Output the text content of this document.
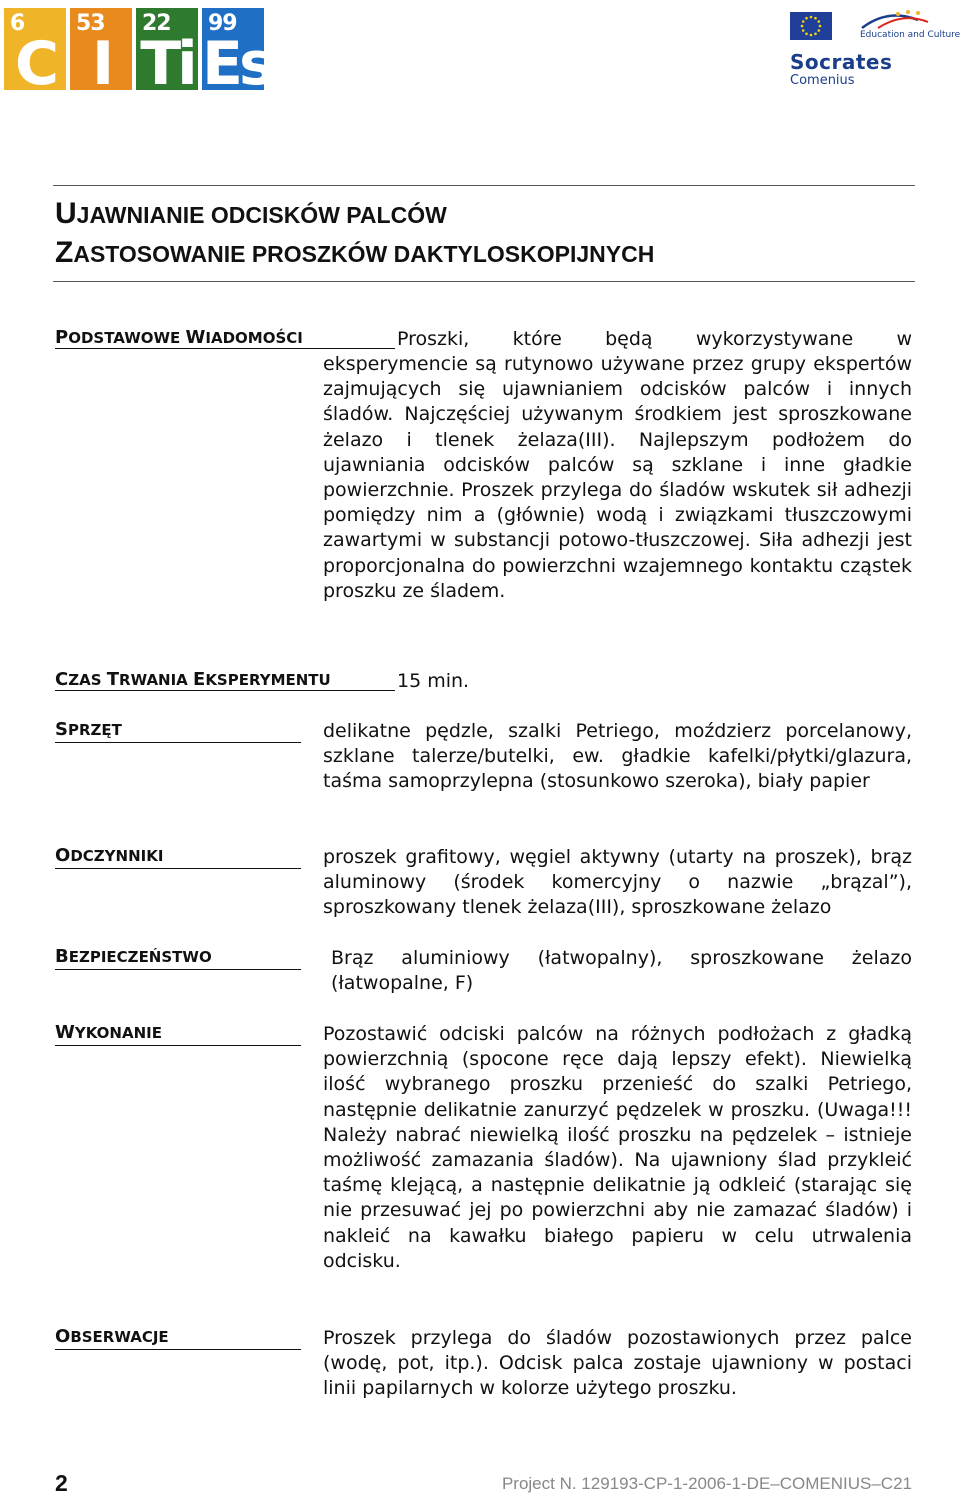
6
C
53
I
22
Ti
99
Es	Education and Culture
Socrates
Comenius
UJAWNIANIE ODCISKÓW PALCÓW
ZASTOSOWANIE PROSZKÓW DAKTYLOSKOPIJNYCH
PODSTAWOWE WIADOMOŚCI	Proszki, które będą wykorzystywane w
eksperymencie są rutynowo używane przez grupy ekspertów zajmujących się ujawnianiem odcisków palców i innych śladów. Najczęściej używanym środkiem jest sproszkowane żelazo i tlenek żelaza(III). Najlepszym podłożem do ujawniania odcisków palców są szklane i inne gładkie powierzchnie. Proszek przylega do śladów wskutek sił adhezji pomiędzy nim a (głównie) wodą i związkami tłuszczowymi zawartymi w substancji potowo-tłuszczowej. Siła adhezji jest proporcjonalna do powierzchni wzajemnego kontaktu cząstek proszku ze śladem.
CZAS TRWANIA EKSPERYMENTU	15 min.
SPRZĘT	delikatne pędzle, szalki Petriego, moździerz porcelanowy, szklane talerze/butelki, ew. gładkie kafelki/płytki/glazura, taśma samoprzylepna (stosunkowo szeroka), biały papier
ODCZYNNIKI	proszek grafitowy, węgiel aktywny (utarty na proszek), brąz aluminowy (środek komercyjny o nazwie „brązal”), sproszkowany tlenek żelaza(III), sproszkowane żelazo
BEZPIECZEŃSTWO	Brąz aluminiowy (łatwopalny), sproszkowane żelazo (łatwopalne, F)
WYKONANIE	Pozostawić odciski palców na różnych podłożach z gładką powierzchnią (spocone ręce dają lepszy efekt). Niewielką ilość wybranego proszku przenieść do szalki Petriego, następnie delikatnie zanurzyć pędzelek w proszku. (Uwaga!!! Należy nabrać niewielką ilość proszku na pędzelek – istnieje możliwość zamazania śladów). Na ujawniony ślad przykleić taśmę klejącą, a następnie delikatnie ją odkleić (starając się nie przesuwać jej po powierzchni aby nie zamazać śladów) i nakleić na kawałku białego papieru w celu utrwalenia odcisku.
OBSERWACJE	Proszek przylega do śladów pozostawionych przez palce (wodę, pot, itp.). Odcisk palca zostaje ujawniony w postaci linii papilarnych w kolorze użytego proszku.
2	Project N. 129193-CP-1-2006-1-DE–COMENIUS–C21
